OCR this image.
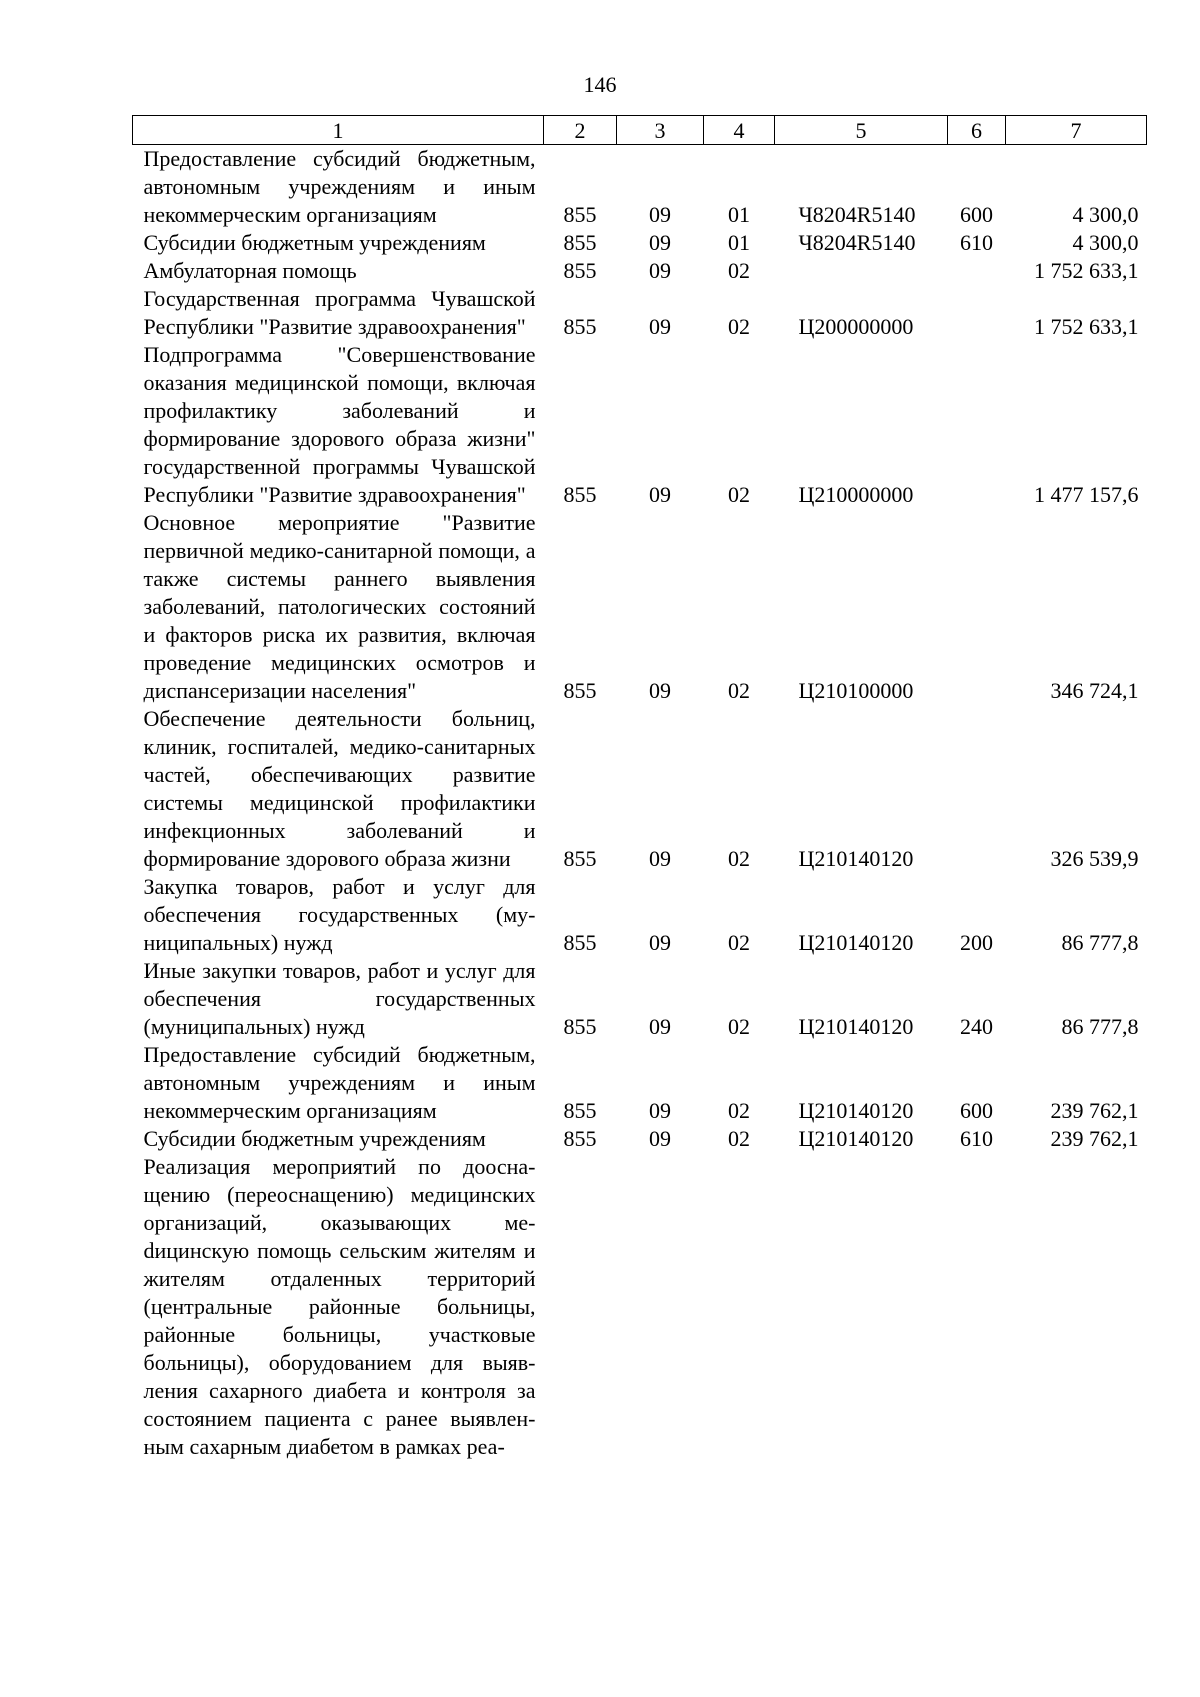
146
1	2	3	4	5	6	7
Предоставление субсидий бюджетным, автономным учреждениям и иным некоммерческим организациям	855	09	01	Ч8204R5140	600	4 300,0
Субсидии бюджетным учреждениям	855	09	01	Ч8204R5140	610	4 300,0
Амбулаторная помощь	855	09	02			1 752 633,1
Государственная программа Чувашской Республики "Развитие здравоохранения"	855	09	02	Ц200000000		1 752 633,1
Подпрограмма "Совершенствование оказания медицинской помощи, включая профилактику заболеваний и формирование здорового образа жизни" государственной программы Чувашской Республики "Развитие здравоохранения"	855	09	02	Ц210000000		1 477 157,6
Основное мероприятие "Развитие первичной медико-санитарной помощи, а также системы раннего выявления заболеваний, патологических состояний и факторов риска их развития, включая проведение медицинских осмотров и диспансеризации населения"	855	09	02	Ц210100000		346 724,1
Обеспечение деятельности больниц, клиник, госпиталей, медико-санитарных частей, обеспечивающих развитие системы медицинской профилактики инфекционных заболеваний и формирование здорового образа жизни	855	09	02	Ц210140120		326 539,9
Закупка товаров, работ и услуг для обеспечения государственных (муниципальных) нужд	855	09	02	Ц210140120	200	86 777,8
Иные закупки товаров, работ и услуг для обеспечения государственных (муниципальных) нужд	855	09	02	Ц210140120	240	86 777,8
Предоставление субсидий бюджетным, автономным учреждениям и иным некоммерческим организациям	855	09	02	Ц210140120	600	239 762,1
Субсидии бюджетным учреждениям	855	09	02	Ц210140120	610	239 762,1
Реализация мероприятий по дооснащению (переоснащению) медицинских организаций, оказывающих меdицинскую помощь сельским жителям и жителям отдаленных территорий (центральные районные больницы, районные больницы, участковые больницы), оборудованием для выявления сахарного диабета и контроля за состоянием пациента с ранее выявленным сахарным диабетом в рамках реа-						
